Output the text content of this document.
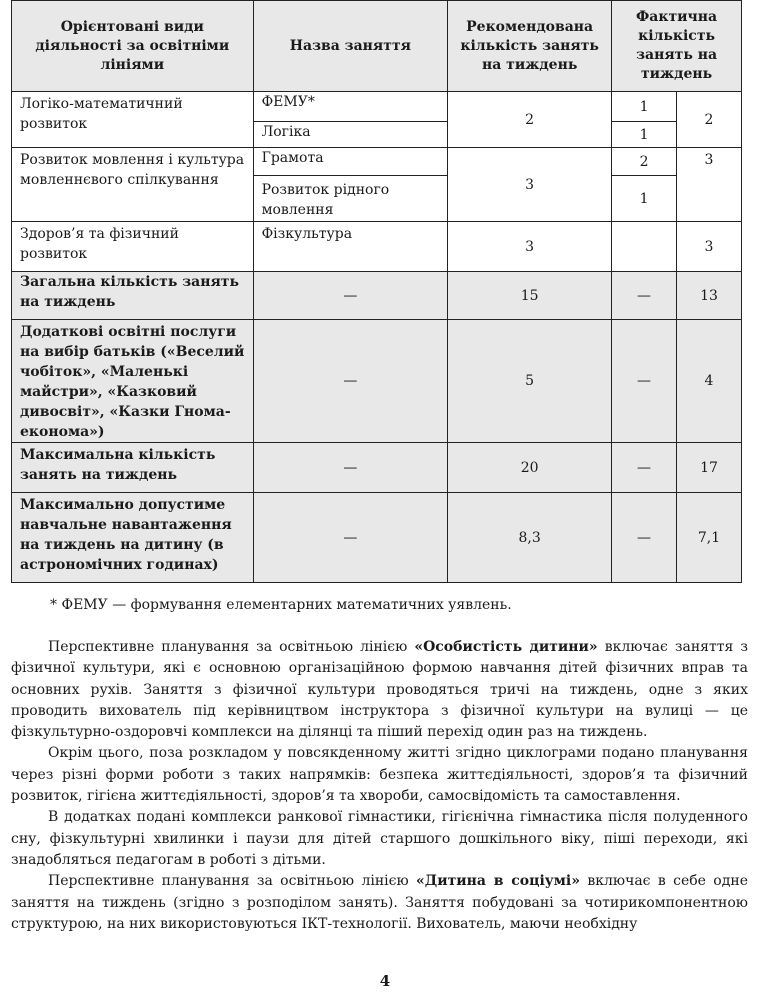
Орієнтовані види діяльності за освітніми лініями	Назва заняття	Рекомендована кількість занять на тиждень	Фактична кількість занять на тиждень	
Логіко-математичний розвиток	ФЕМУ*	2	1	2
	Логіка		1	
Розвиток мовлення і культура мовленнєвого спілкування	Грамота	3	2	3
	Розвиток рідного мовлення		1	
Здоров’я та фізичний розвиток	Фізкультура	3		3
Загальна кількість занять на тиждень	—	15	—	13
Додаткові освітні послуги на вибір батьків («Веселий чобіток», «Маленькі майстри», «Казковий дивосвіт», «Казки Гнома-економа»)	—	5	—	4
Максимальна кількість занять на тиждень	—	20	—	17
Максимально допустиме навчальне навантаження на тиждень на дитину (в астрономічних годинах)	—	8,3	—	7,1
* ФЕМУ — формування елементарних математичних уявлень.

Перспективне планування за освітньою лінією «Особистість дитини» включає заняття з фізичної культури, які є основною організаційною формою навчання дітей фізичних вправ та основних рухів. Заняття з фізичної культури проводяться тричі на тиждень, одне з яких проводить вихователь під керівництвом інструктора з фізичної культури на вулиці — це фізкультурно-оздоровчі комплекси на ділянці та піший перехід один раз на тиждень.

Окрім цього, поза розкладом у повсякденному житті згідно циклограми подано планування через різні форми роботи з таких напрямків: безпека життєдіяльності, здоров’я та фізичний розвиток, гігієна життєдіяльності, здоров’я та хвороби, самосвідомість та самоставлення.

В додатках подані комплекси ранкової гімнастики, гігієнічна гімнастика після полуденного сну, фізкультурні хвилинки і паузи для дітей старшого дошкільного віку, піші переходи, які знадобляться педагогам в роботі з дітьми.

Перспективне планування за освітньою лінією «Дитина в соціумі» включає в себе одне заняття на тиждень (згідно з розподілом занять). Заняття побудовані за чотирикомпонентною структурою, на них використовуються ІКТ-технології. Вихователь, маючи необхідну

4
